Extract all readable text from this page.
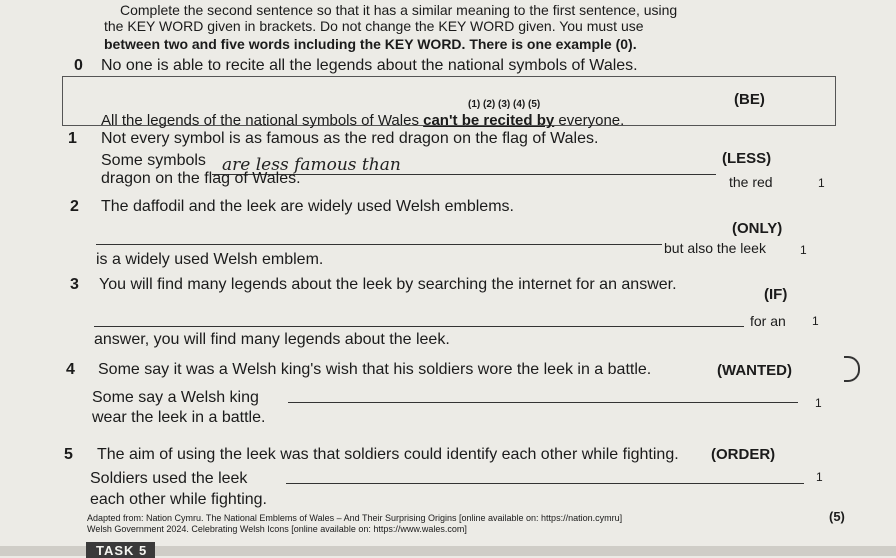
Complete the second sentence so that it has a similar meaning to the first sentence, using
the KEY WORD given in brackets. Do not change the KEY WORD given. You must use
between two and five words including the KEY WORD. There is one example (0).
0 No one is able to recite all the legends about the national symbols of Wales.
(BE)
(1) (2) (3) (4) (5)
All the legends of the national symbols of Wales can't be recited by everyone.
1 Not every symbol is as famous as the red dragon on the flag of Wales.
(LESS)
Some symbols are less famous than
dragon on the flag of Wales.	the red	1
2 The daffodil and the leek are widely used Welsh emblems.
(ONLY)
but also the leek	1
is a widely used Welsh emblem.
3 You will find many legends about the leek by searching the internet for an answer.
(IF)
for an 1
answer, you will find many legends about the leek.
4 Some say it was a Welsh king's wish that his soldiers wore the leek in a battle.	(WANTED)
Some say a Welsh king	1
wear the leek in a battle.
5 The aim of using the leek was that soldiers could identify each other while fighting. (ORDER)
Soldiers used the leek	1
each other while fighting.
Adapted from: Nation Cymru. The National Emblems of Wales – And Their Surprising Origins [online available on: https://nation.cymru]
Welsh Government 2024. Celebrating Welsh Icons [online available on: https://www.wales.com]
(5)
TASK 5
